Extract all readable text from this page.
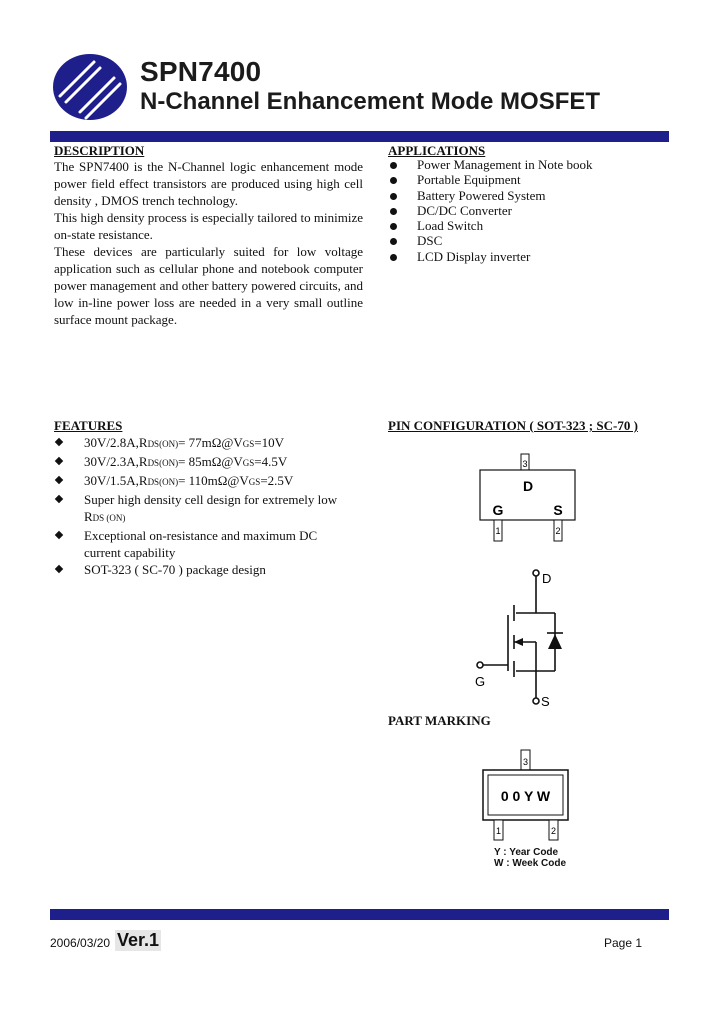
SPN7400
N-Channel Enhancement Mode MOSFET
DESCRIPTION

The SPN7400 is the N-Channel logic enhancement mode power field effect transistors are produced using high cell density , DMOS trench technology.

This high density process is especially tailored to minimize on-state resistance.

These devices are particularly suited for low voltage application such as cellular phone and notebook computer power management and other battery powered circuits, and low in-line power loss are needed in a very small outline surface mount package.

APPLICATIONS
Power Management in Note book
Portable Equipment
Battery Powered System
DC/DC Converter
Load Switch
DSC
LCD Display inverter
FEATURES
30V/2.8A,RDS(ON)= 77mΩ@VGS=10V
30V/2.3A,RDS(ON)= 85mΩ@VGS=4.5V
30V/1.5A,RDS(ON)= 110mΩ@VGS=2.5V
Super high density cell design for extremely low
RDS (ON)
Exceptional on-resistance and maximum DC
current capability
SOT-323 ( SC-70 ) package design
PIN CONFIGURATION ( SOT-323 ; SC-70 )
3
D
G	S
1	2
D
G
S
PART MARKING
3
0 0 Y W
1	2
Y : Year Code
W : Week Code
2006/03/20 Ver.1	Page 1
